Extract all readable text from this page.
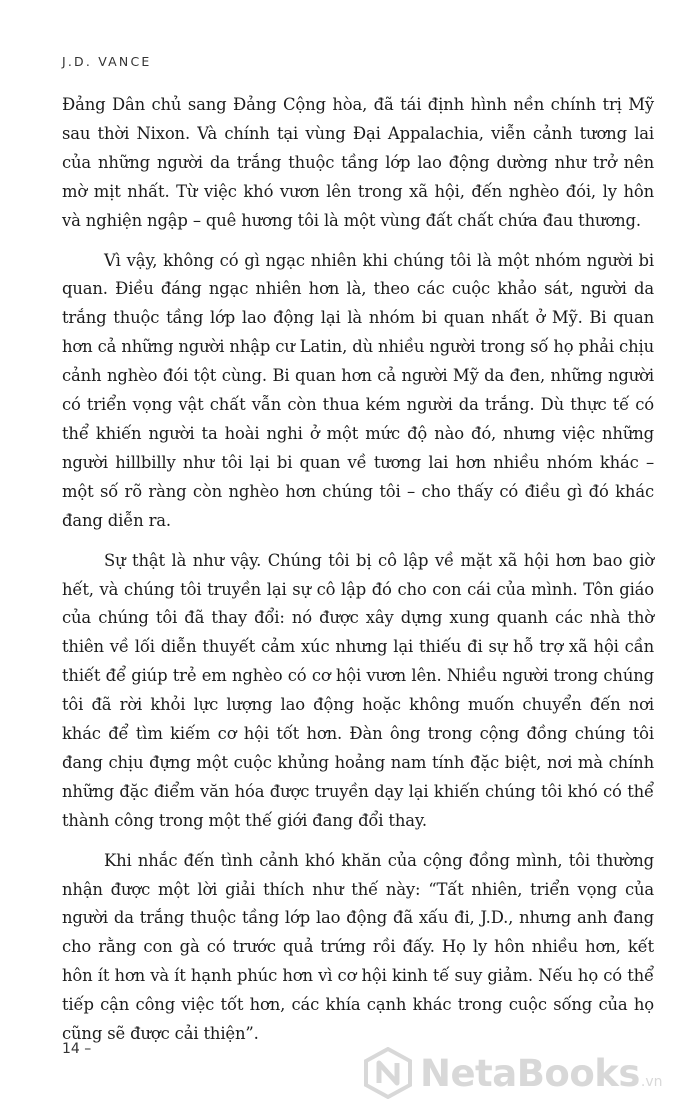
J.D. VANCE

Đảng Dân chủ sang Đảng Cộng hòa, đã tái định hình nền chính trị Mỹ sau thời Nixon. Và chính tại vùng Đại Appalachia, viễn cảnh tương lai của những người da trắng thuộc tầng lớp lao động dường như trở nên mờ mịt nhất. Từ việc khó vươn lên trong xã hội, đến nghèo đói, ly hôn và nghiện ngập – quê hương tôi là một vùng đất chất chứa đau thương.

Vì vậy, không có gì ngạc nhiên khi chúng tôi là một nhóm người bi quan. Điều đáng ngạc nhiên hơn là, theo các cuộc khảo sát, người da trắng thuộc tầng lớp lao động lại là nhóm bi quan nhất ở Mỹ. Bi quan hơn cả những người nhập cư Latin, dù nhiều người trong số họ phải chịu cảnh nghèo đói tột cùng. Bi quan hơn cả người Mỹ da đen, những người có triển vọng vật chất vẫn còn thua kém người da trắng. Dù thực tế có thể khiến người ta hoài nghi ở một mức độ nào đó, nhưng việc những người hillbilly như tôi lại bi quan về tương lai hơn nhiều nhóm khác – một số rõ ràng còn nghèo hơn chúng tôi – cho thấy có điều gì đó khác đang diễn ra.

Sự thật là như vậy. Chúng tôi bị cô lập về mặt xã hội hơn bao giờ hết, và chúng tôi truyền lại sự cô lập đó cho con cái của mình. Tôn giáo của chúng tôi đã thay đổi: nó được xây dựng xung quanh các nhà thờ thiên về lối diễn thuyết cảm xúc nhưng lại thiếu đi sự hỗ trợ xã hội cần thiết để giúp trẻ em nghèo có cơ hội vươn lên. Nhiều người trong chúng tôi đã rời khỏi lực lượng lao động hoặc không muốn chuyển đến nơi khác để tìm kiếm cơ hội tốt hơn. Đàn ông trong cộng đồng chúng tôi đang chịu đựng một cuộc khủng hoảng nam tính đặc biệt, nơi mà chính những đặc điểm văn hóa được truyền dạy lại khiến chúng tôi khó có thể thành công trong một thế giới đang đổi thay.

Khi nhắc đến tình cảnh khó khăn của cộng đồng mình, tôi thường nhận được một lời giải thích như thế này: “Tất nhiên, triển vọng của người da trắng thuộc tầng lớp lao động đã xấu đi, J.D., nhưng anh đang cho rằng con gà có trước quả trứng rồi đấy. Họ ly hôn nhiều hơn, kết hôn ít hơn và ít hạnh phúc hơn vì cơ hội kinh tế suy giảm. Nếu họ có thể tiếp cận công việc tốt hơn, các khía cạnh khác trong cuộc sống của họ cũng sẽ được cải thiện”.

14 –
NetaBooks .vn
